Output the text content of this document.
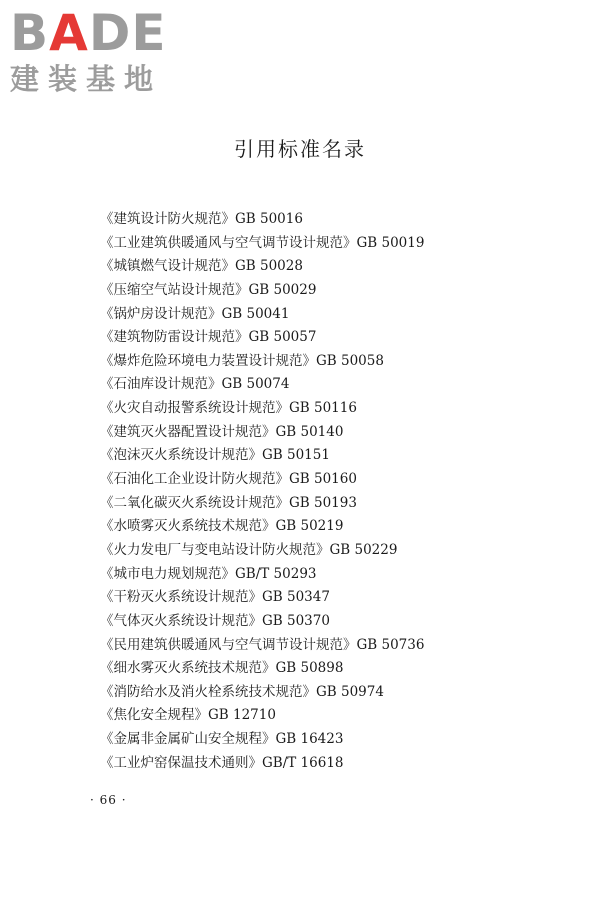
BADE
建装基地
引用标准名录
《建筑设计防火规范》GB 50016
《工业建筑供暖通风与空气调节设计规范》GB 50019
《城镇燃气设计规范》GB 50028
《压缩空气站设计规范》GB 50029
《锅炉房设计规范》GB 50041
《建筑物防雷设计规范》GB 50057
《爆炸危险环境电力装置设计规范》GB 50058
《石油库设计规范》GB 50074
《火灾自动报警系统设计规范》GB 50116
《建筑灭火器配置设计规范》GB 50140
《泡沫灭火系统设计规范》GB 50151
《石油化工企业设计防火规范》GB 50160
《二氧化碳灭火系统设计规范》GB 50193
《水喷雾灭火系统技术规范》GB 50219
《火力发电厂与变电站设计防火规范》GB 50229
《城市电力规划规范》GB/T 50293
《干粉灭火系统设计规范》GB 50347
《气体灭火系统设计规范》GB 50370
《民用建筑供暖通风与空气调节设计规范》GB 50736
《细水雾灭火系统技术规范》GB 50898
《消防给水及消火栓系统技术规范》GB 50974
《焦化安全规程》GB 12710
《金属非金属矿山安全规程》GB 16423
《工业炉窑保温技术通则》GB/T 16618
· 66 ·
